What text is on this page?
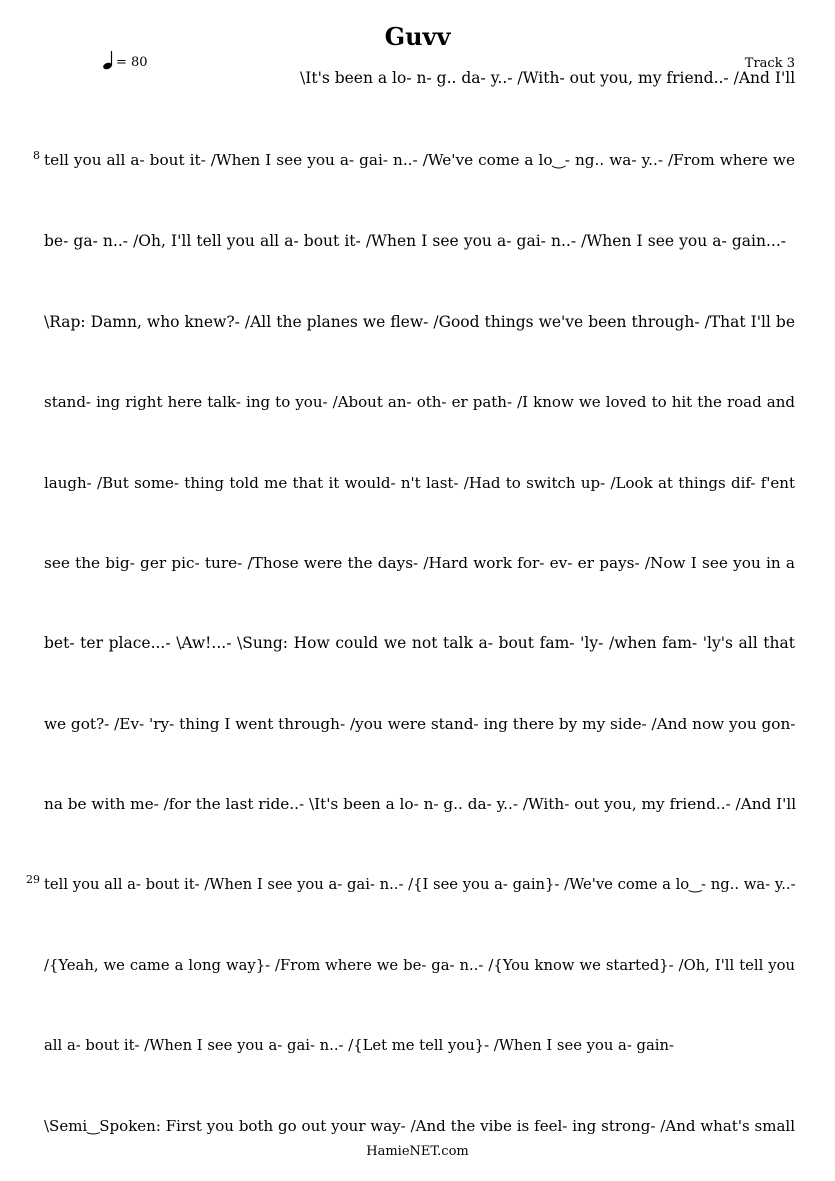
Guvv
= 80	Track 3
\It's been a lo- n- g.. da- y..- /With- out you, my friend..- /And I'll
8 tell you all a- bout it- /When I see you a- gai- n..- /We've come a lo‿- ng.. wa- y..- /From where we
be- ga- n..- /Oh, I'll tell you all a- bout it- /When I see you a- gai- n..- /When I see you a- gain...-
\Rap: Damn, who knew?- /All the planes we flew- /Good things we've been through- /That I'll be
stand- ing right here talk- ing to you- /About an- oth- er path- /I know we loved to hit the road and
laugh- /But some- thing told me that it would- n't last- /Had to switch up- /Look at things dif- f'ent
see the big- ger pic- ture- /Those were the days- /Hard work for- ev- er pays- /Now I see you in a
bet- ter place...- \Aw!...- \Sung: How could we not talk a- bout fam- 'ly- /when fam- 'ly's all that
we got?- /Ev- 'ry- thing I went through- /you were stand- ing there by my side- /And now you gon-
na be with me- /for the last ride..- \It's been a lo- n- g.. da- y..- /With- out you, my friend..- /And I'll
29 tell you all a- bout it- /When I see you a- gai- n..- /{I see you a- gain}- /We've come a lo‿- ng.. wa- y..-
/{Yeah, we came a long way}- /From where we be- ga- n..- /{You know we started}- /Oh, I'll tell you
all a- bout it- /When I see you a- gai- n..- /{Let me tell you}- /When I see you a- gain-
\Semi‿Spoken: First you both go out your way- /And the vibe is feel- ing strong- /And what's small
HamieNET.com
